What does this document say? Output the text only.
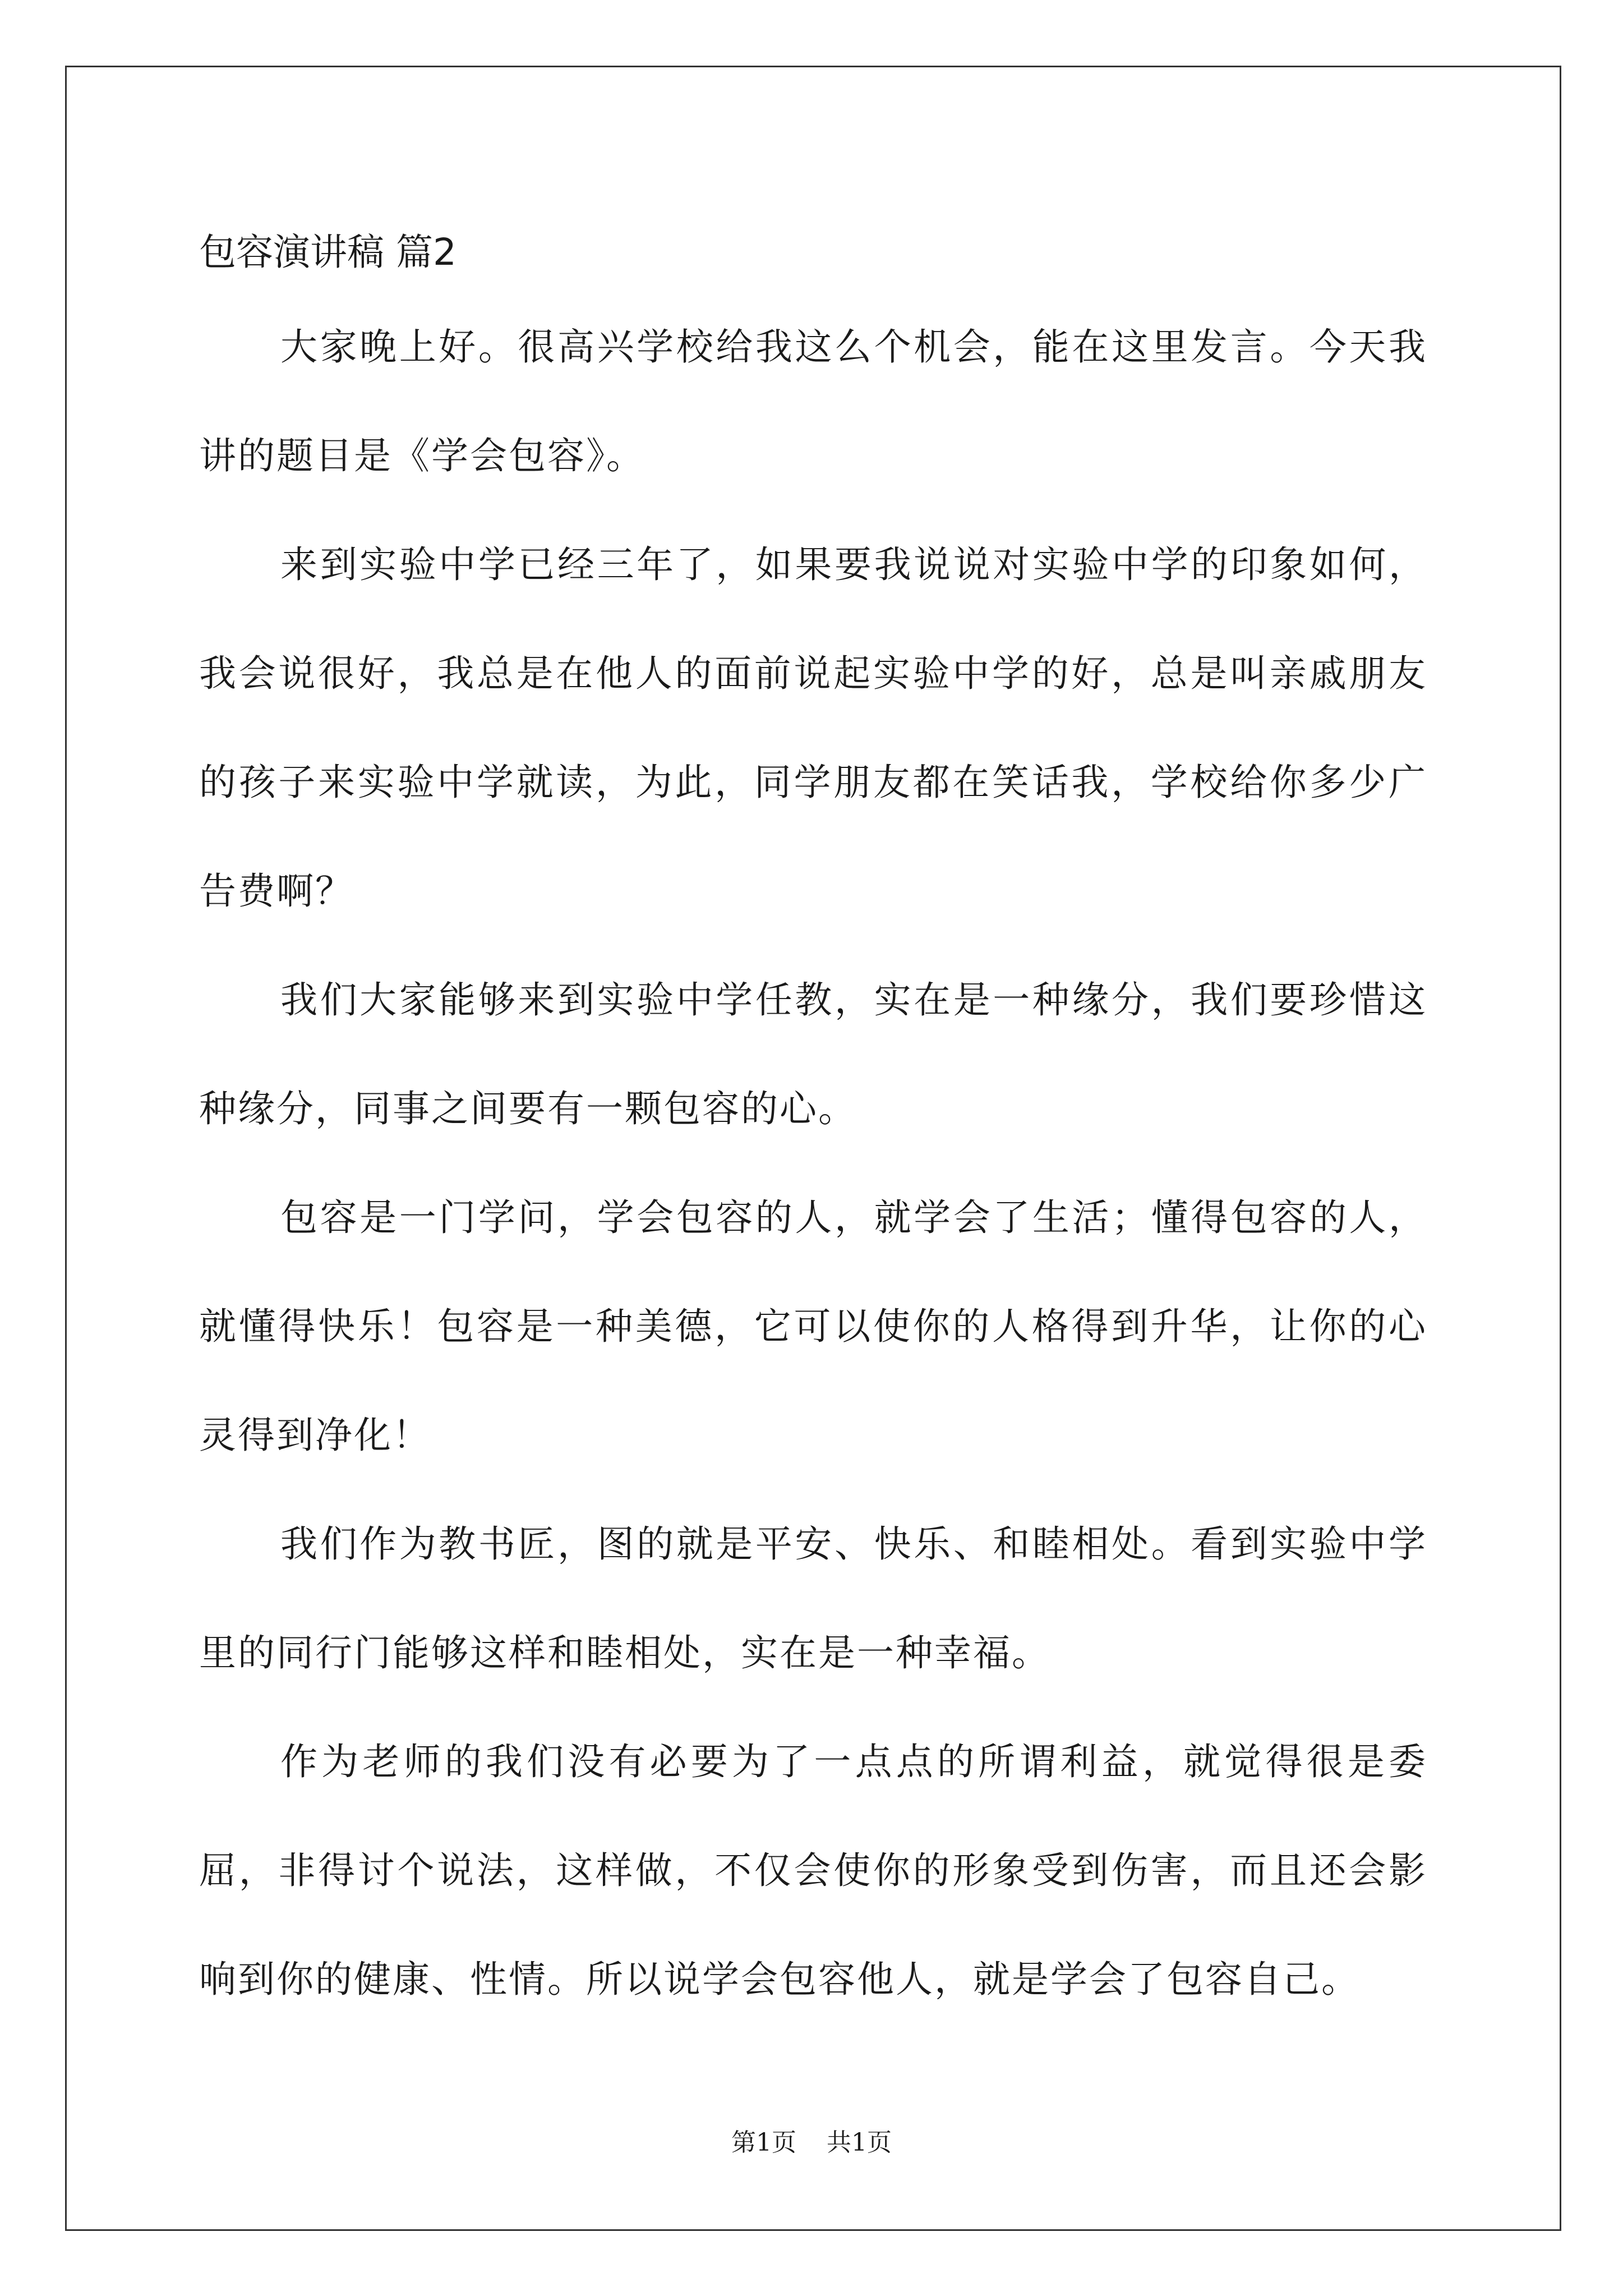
包容演讲稿 篇2

大家晚上好。很高兴学校给我这么个机会，能在这里发言。今天我讲的题目是《学会包容》。

来到实验中学已经三年了，如果要我说说对实验中学的印象如何，我会说很好，我总是在他人的面前说起实验中学的好，总是叫亲戚朋友的孩子来实验中学就读，为此，同学朋友都在笑话我，学校给你多少广告费啊？

我们大家能够来到实验中学任教，实在是一种缘分，我们要珍惜这种缘分，同事之间要有一颗包容的心。

包容是一门学问，学会包容的人，就学会了生活；懂得包容的人，就懂得快乐！包容是一种美德，它可以使你的人格得到升华，让你的心灵得到净化！

我们作为教书匠，图的就是平安、快乐、和睦相处。看到实验中学里的同行门能够这样和睦相处，实在是一种幸福。

作为老师的我们没有必要为了一点点的所谓利益，就觉得很是委屈，非得讨个说法，这样做，不仅会使你的形象受到伤害，而且还会影响到你的健康、性情。所以说学会包容他人，就是学会了包容自己。

第1页 共1页
